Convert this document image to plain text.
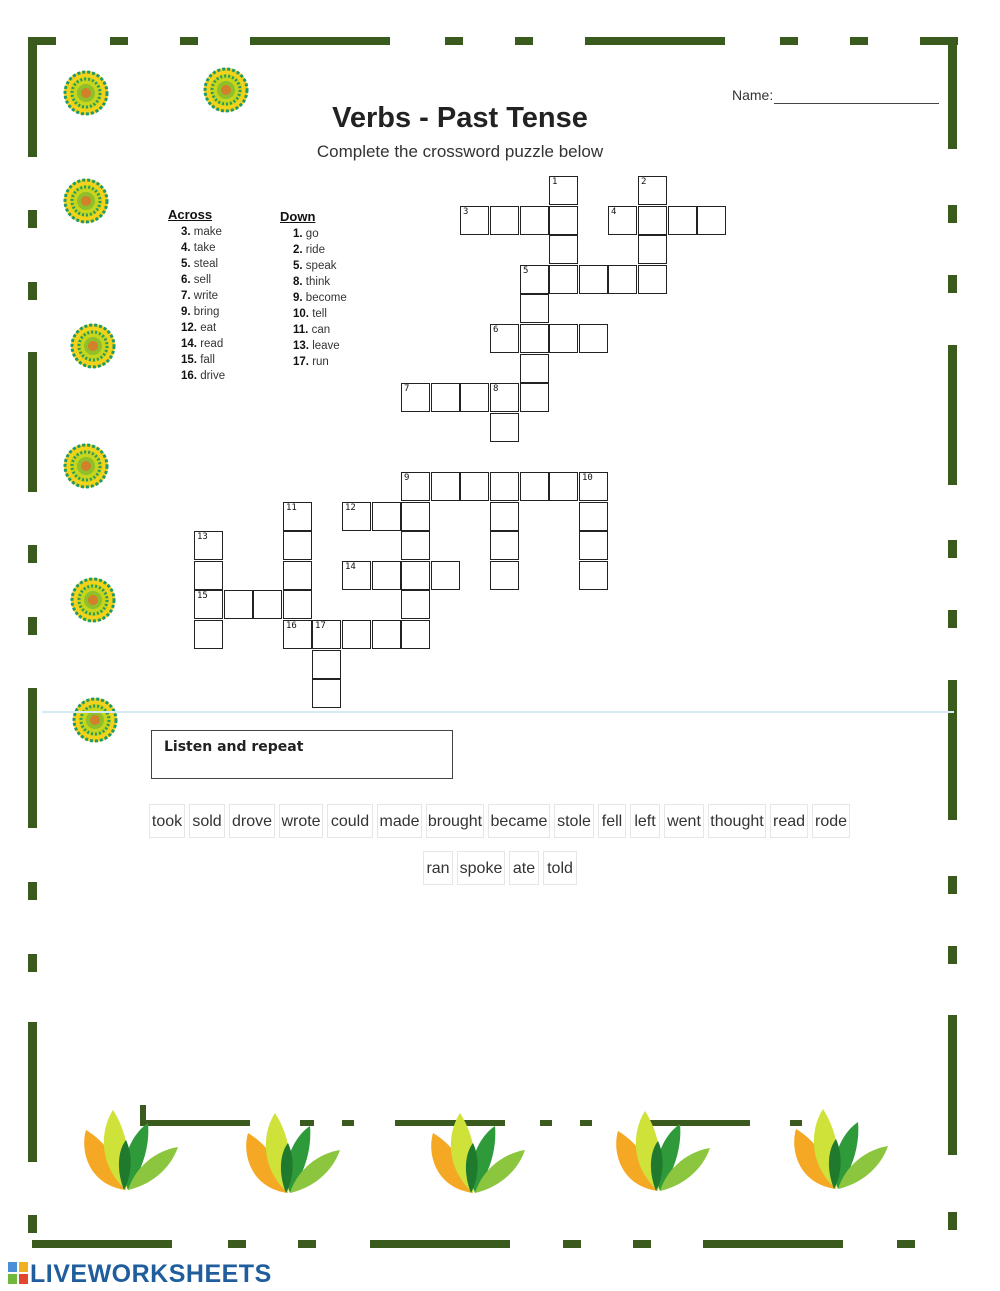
Verbs - Past Tense
Complete the crossword puzzle below
Name:
Across	Down
3. make
4. take
5. steal
6. sell
7. write
9. bring
12. eat
14. read
15. fall
16. drive
1. go
2. ride
5. speak
8. think
9. become
10. tell
11. can
13. leave
17. run
1	2
3	4
5
6
7	8
9	10
11	12
13
14
15
16 17
Listen and repeat
took sold drove wrote could made brought became stole fell left went thought read rode
ran spoke ate told
LIVEWORKSHEETS
